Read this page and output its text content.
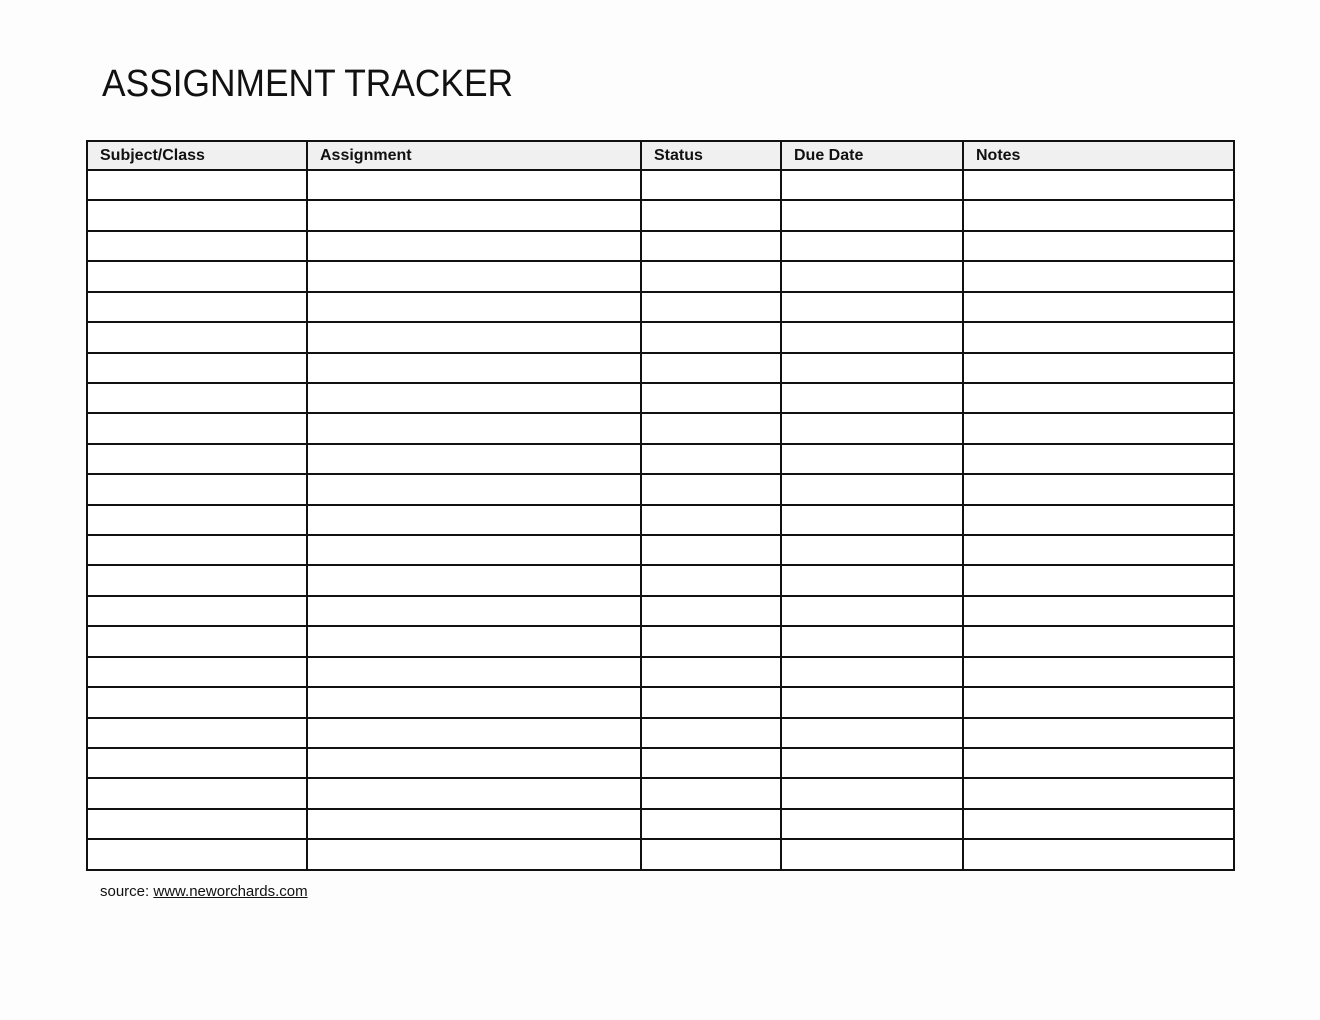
ASSIGNMENT TRACKER
Subject/Class	Assignment	Status	Due Date	Notes

source: www.neworchards.com
